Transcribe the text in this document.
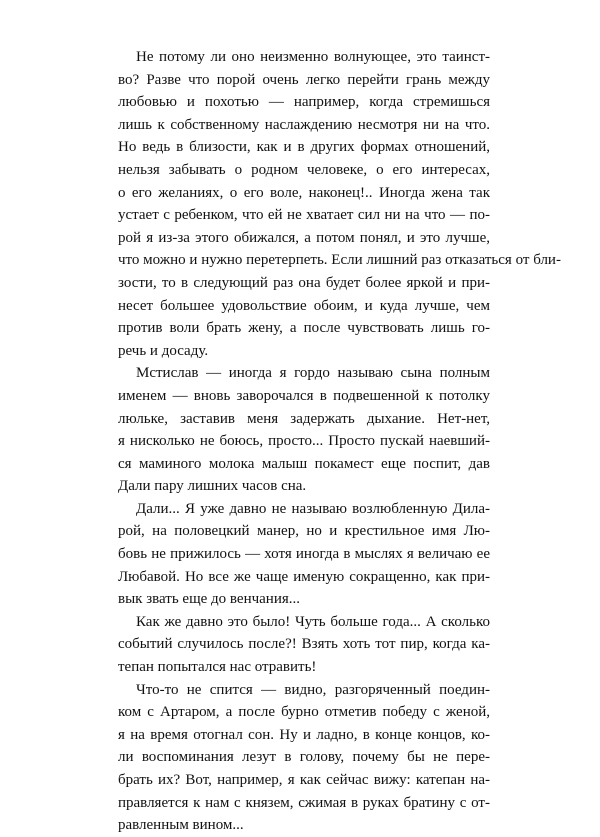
Не потому ли оно неизменно волнующее, это таинст-
во? Разве что порой очень легко перейти грань между
любовью и похотью — например, когда стремишься
лишь к собственному наслаждению несмотря ни на что.
Но ведь в близости, как и в других формах отношений,
нельзя забывать о родном человеке, о его интересах,
о его желаниях, о его воле, наконец!.. Иногда жена так
устает с ребенком, что ей не хватает сил ни на что — по-
рой я из-за этого обижался, а потом понял, и это лучше,
что можно и нужно перетерпеть. Если лишний раз отказаться от бли-
зости, то в следующий раз она будет более яркой и при-
несет большее удовольствие обоим, и куда лучше, чем
против воли брать жену, а после чувствовать лишь го-
речь и досаду.
Мстислав — иногда я гордо называю сына полным
именем — вновь заворочался в подвешенной к потолку
люльке, заставив меня задержать дыхание. Нет-нет,
я нисколько не боюсь, просто... Просто пускай наевший-
ся маминого молока малыш покамест еще поспит, дав
Дали пару лишних часов сна.
Дали... Я уже давно не называю возлюбленную Дила-
рой, на половецкий манер, но и крестильное имя Лю-
бовь не прижилось — хотя иногда в мыслях я величаю ее
Любавой. Но все же чаще именую сокращенно, как при-
вык звать еще до венчания...
Как же давно это было! Чуть больше года... А сколько
событий случилось после?! Взять хоть тот пир, когда ка-
тепан попытался нас отравить!
Что-то не спится — видно, разгоряченный поедин-
ком с Артаром, а после бурно отметив победу с женой,
я на время отогнал сон. Ну и ладно, в конце концов, ко-
ли воспоминания лезут в голову, почему бы не пере-
брать их? Вот, например, я как сейчас вижу: катепан на-
правляется к нам с князем, сжимая в руках братину с от-
равленным вином...
